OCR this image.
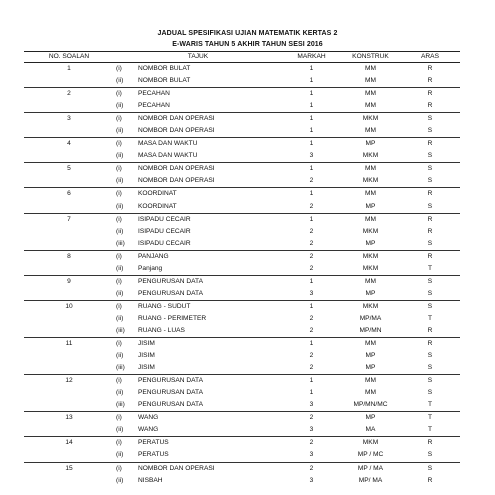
JADUAL SPESIFIKASI UJIAN MATEMATIK KERTAS 2
E-WARIS TAHUN 5 AKHIR TAHUN SESI 2016
NO. SOALAN	TAJUK	MARKAH	KONSTRUK	ARAS
1	(i) NOMBOR BULAT	1	MM	R
	(ii) NOMBOR BULAT	1	MM	R
2	(i) PECAHAN	1	MM	R
	(ii) PECAHAN	1	MM	R
3	(i) NOMBOR DAN OPERASI	1	MKM	S
	(ii) NOMBOR DAN OPERASI	1	MM	S
4	(i) MASA DAN WAKTU	1	MP	R
	(ii) MASA DAN WAKTU	3	MKM	S
5	(i) NOMBOR DAN OPERASI	1	MM	S
	(ii) NOMBOR DAN OPERASI	2	MKM	S
6	(i) KOORDINAT	1	MM	R
	(ii) KOORDINAT	2	MP	S
7	(i)ISIPADU CECAIR	1	MM	R
	(ii) ISIPADU CECAIR	2	MKM	R
	(iii) ISIPADU CECAIR	2	MP	S
8	(i) PANJANG	2	MKM	R
	(ii) Panjang	2	MKM	T
9	(i) PENGURUSAN DATA	1	MM	S
	(ii) PENGURUSAN DATA	3	MP	S
10	(i) RUANG - SUDUT	1	MKM	S
	(ii) RUANG - PERIMETER	2	MP/MA	T
	(iii) RUANG - LUAS	2	MP/MN	R
11	(i) JISIM	1	MM	R
	(ii) JISIM	2	MP	S
	(iii) JISIM	2	MP	S
12	(i) PENGURUSAN DATA	1	MM	S
	(ii) PENGURUSAN DATA	1	MM	S
	(iii) PENGURUSAN DATA	3	MP/MN/MC	T
13	(i) WANG	2	MP	T
	(ii) WANG	3	MA	T
14	(i) PERATUS	2	MKM	R
	(ii) PERATUS	3	MP / MC	S
15	(i) NOMBOR DAN OPERASI	2	MP / MA	S
	(ii) NISBAH	3	MP/ MA	R
